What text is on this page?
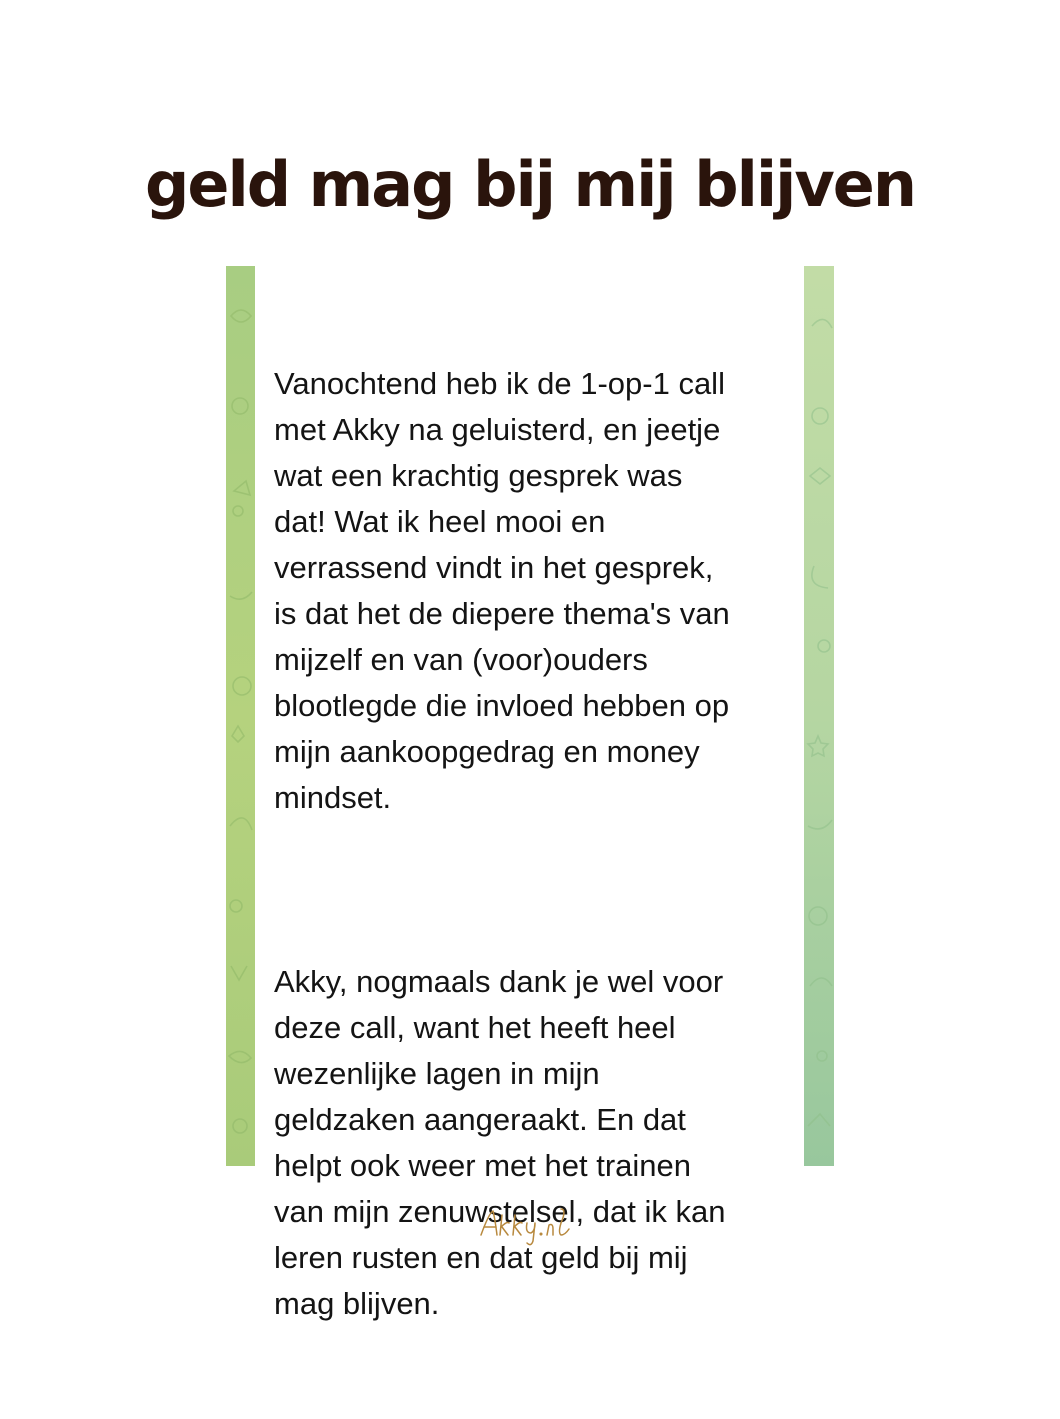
geld mag bij mij blijven

Vanochtend heb ik de 1-op-1 call
met Akky na geluisterd, en jeetje
wat een krachtig gesprek was
dat! Wat ik heel mooi en
verrassend vindt in het gesprek,
is dat het de diepere thema's van
mijzelf en van (voor)ouders
blootlegde die invloed hebben op
mijn aankoopgedrag en money
mindset.

Akky, nogmaals dank je wel voor
deze call, want het heeft heel
wezenlijke lagen in mijn
geldzaken aangeraakt. En dat
helpt ook weer met het trainen
van mijn zenuwstelsel, dat ik kan
leren rusten en dat geld bij mij
mag blijven.
